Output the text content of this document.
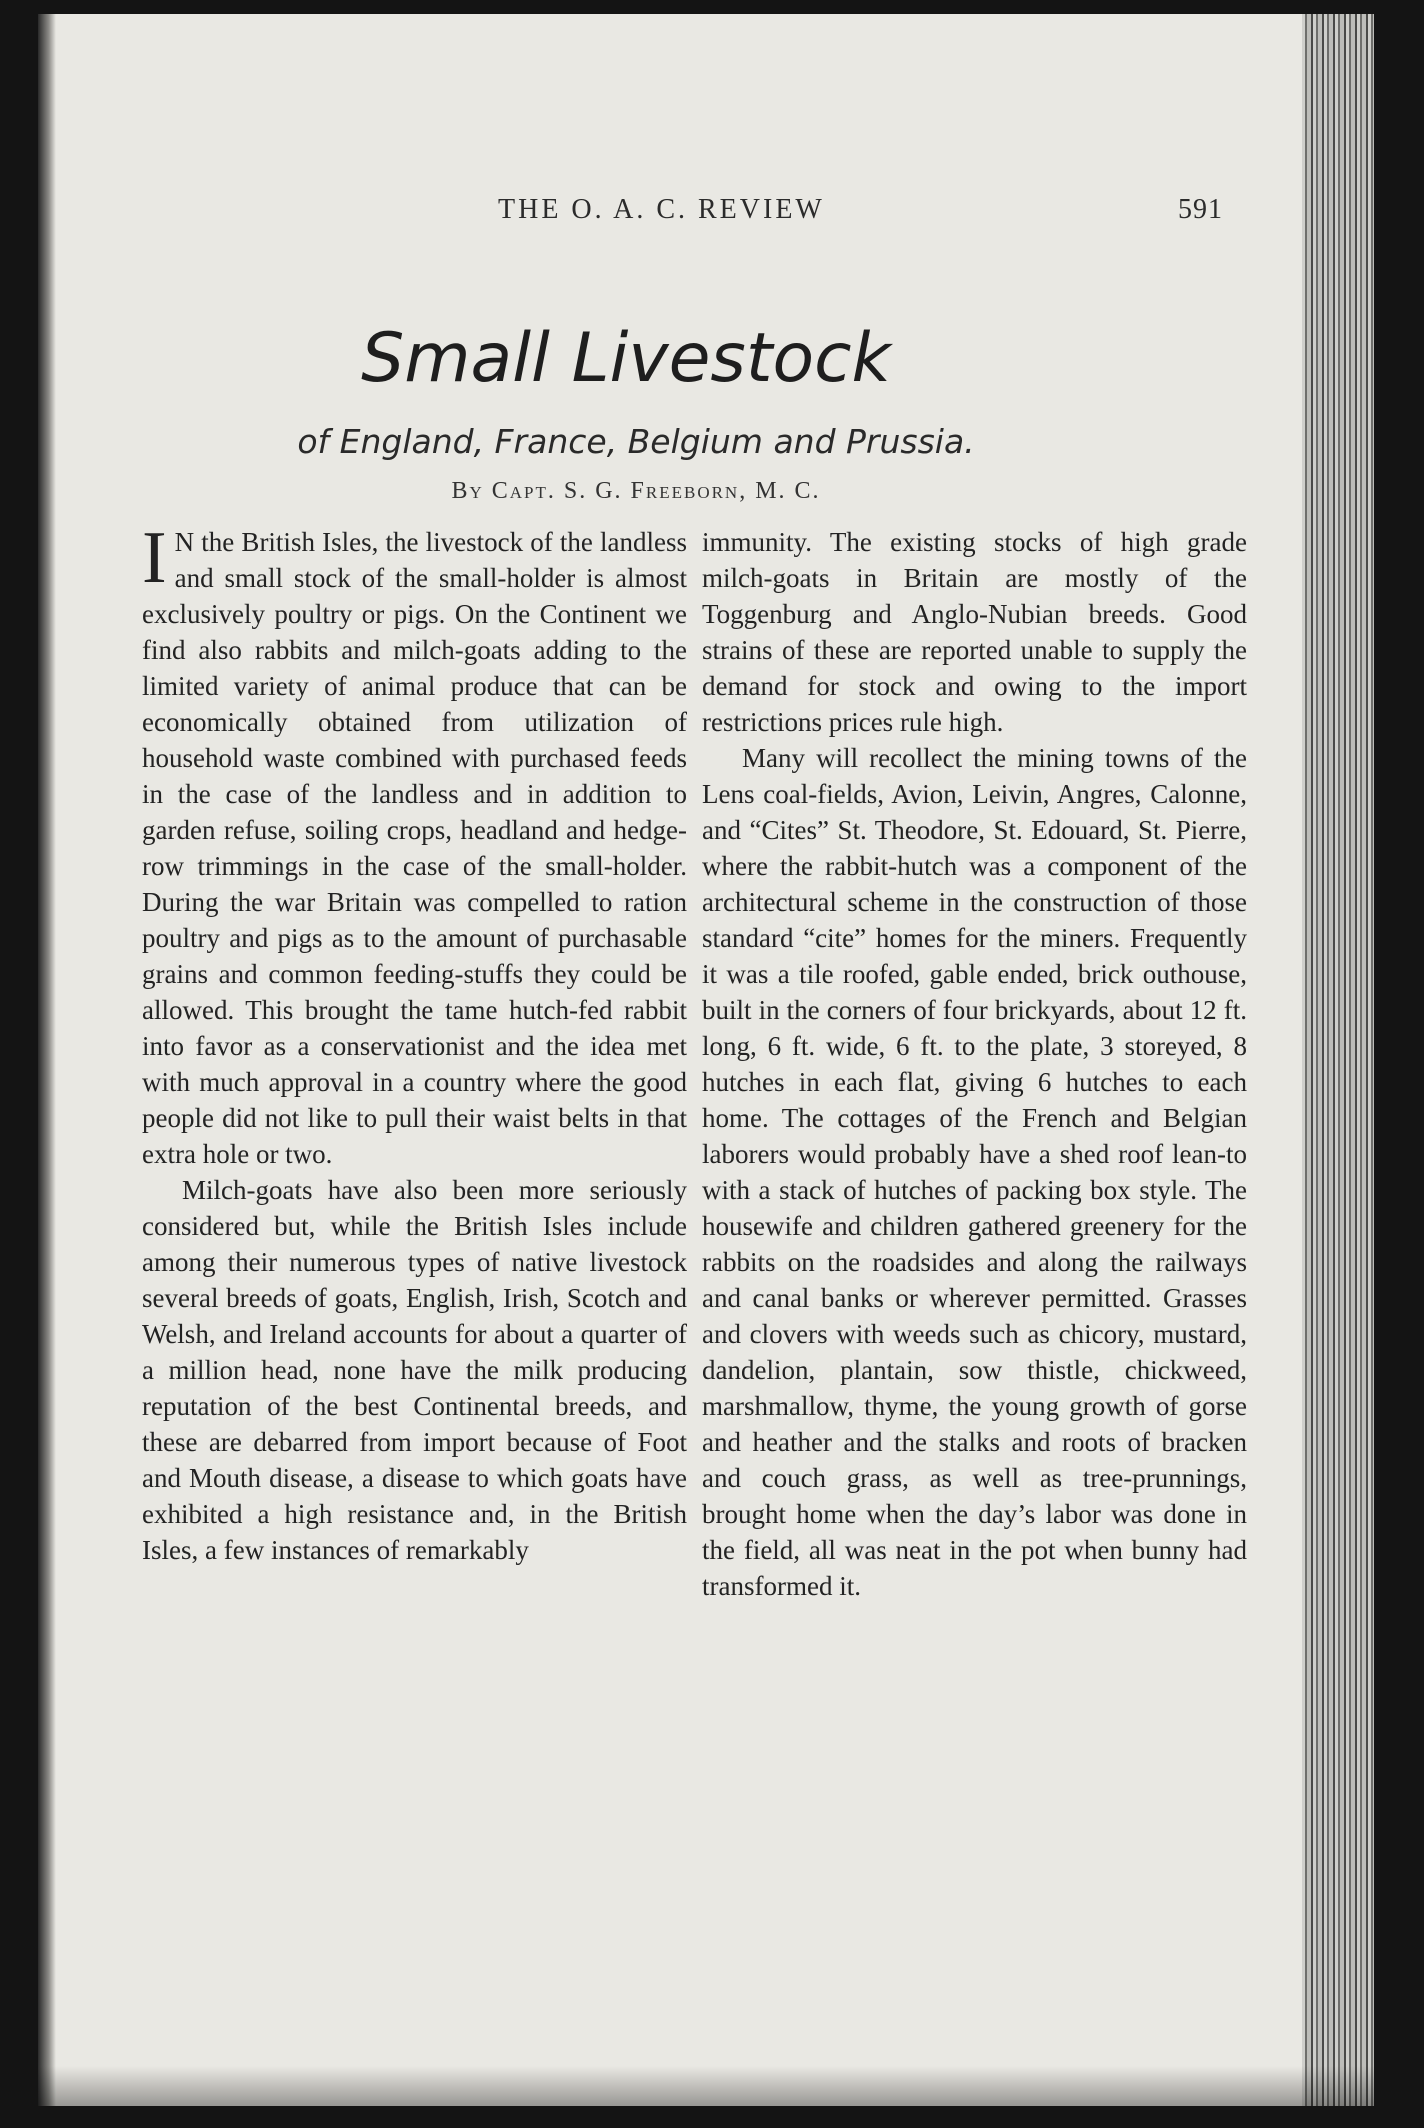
THE O. A. C. REVIEW	591
Small Livestock
of England, France, Belgium and Prussia.
By Capt. S. G. Freeborn, M. C.

I N the British Isles, the livestock of the landless and small stock of the small-holder is almost exclusively poultry or pigs. On the Continent we find also rabbits and milch-goats adding to the limited variety of animal produce that can be economically obtained from utilization of household waste combined with purchased feeds in the case of the landless and in addition to garden refuse, soiling crops, headland and hedge-row trimmings in the case of the small-holder. During the war Britain was compelled to ration poultry and pigs as to the amount of purchasable grains and common feeding-stuffs they could be allowed. This brought the tame hutch-fed rabbit into favor as a conservationist and the idea met with much approval in a country where the good people did not like to pull their waist belts in that extra hole or two.

Milch-goats have also been more seriously considered but, while the British Isles include among their numerous types of native livestock several breeds of goats, English, Irish, Scotch and Welsh, and Ireland accounts for about a quarter of a million head, none have the milk producing reputation of the best Continental breeds, and these are debarred from import because of Foot and Mouth disease, a disease to which goats have exhibited a high resistance and, in the British Isles, a few instances of remarkably

immunity. The existing stocks of high grade milch-goats in Britain are mostly of the Toggenburg and Anglo-Nubian breeds. Good strains of these are reported unable to supply the demand for stock and owing to the import restrictions prices rule high.

Many will recollect the mining towns of the Lens coal-fields, Avion, Leivin, Angres, Calonne, and “Cites” St. Theodore, St. Edouard, St. Pierre, where the rabbit-hutch was a component of the architectural scheme in the construction of those standard “cite” homes for the miners. Frequently it was a tile roofed, gable ended, brick outhouse, built in the corners of four brickyards, about 12 ft. long, 6 ft. wide, 6 ft. to the plate, 3 storeyed, 8 hutches in each flat, giving 6 hutches to each home. The cottages of the French and Belgian laborers would probably have a shed roof lean-to with a stack of hutches of packing box style. The housewife and children gathered greenery for the rabbits on the roadsides and along the railways and canal banks or wherever permitted. Grasses and clovers with weeds such as chicory, mustard, dandelion, plantain, sow thistle, chickweed, marshmallow, thyme, the young growth of gorse and heather and the stalks and roots of bracken and couch grass, as well as tree-prunnings, brought home when the day’s labor was done in the field, all was neat in the pot when bunny had transformed it.
